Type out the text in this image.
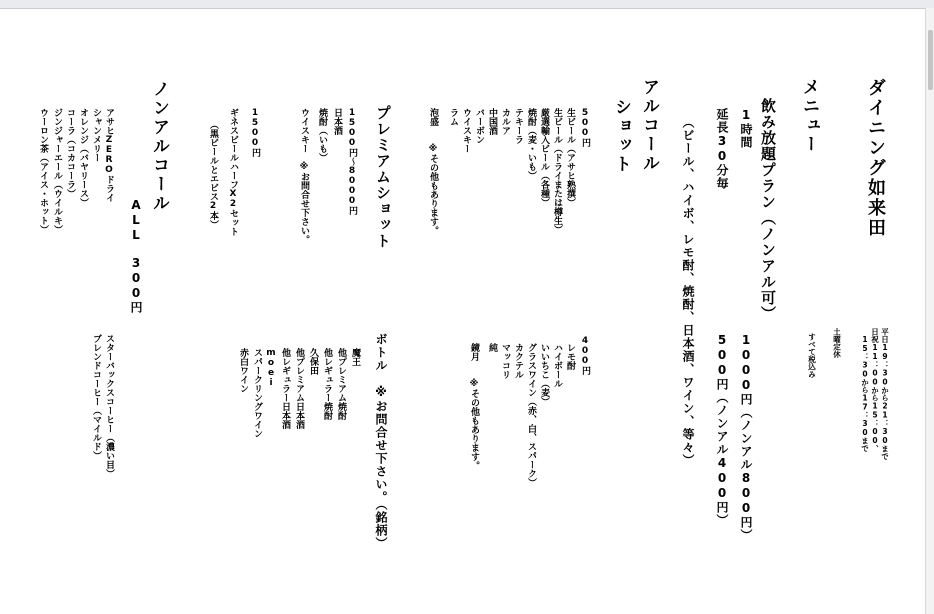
ダイニング如来田
平日19：30から21：30まで
日祝11：00から15：00、
15：30から17：30まで
土曜定休
すべて税込み
メニュー
飲み放題プラン（ノンアル可）
1時間
1000円（ノンアル800円）
延長30分毎
500円（ノンアル400円）
（ビール、ハイボ、レモ酎、焼酎、日本酒、ワイン、等々）
アルコール
ショット
500円
生ビール（アサヒ熟撰）
生ビール（ドライまたは樽生）
厳選輸入ビール（各種）
焼酎（麦・いも）
テキーラ
カルア
中国酒
バーボン
ウイスキー
ラム
泡盛　　※その他もあります。
400円
レモ酎
ハイボール
いいちこ（麦）
グラスワイン（赤、白、スパーク）
カクテル
マッコリ
純
鏡月　　※その他もあります。
プレミアムショット
1500円～8000円
日本酒
焼酎（いも）
ウイスキー　※お問合せ下さい。
ボトル　※お問合せ下さい。（銘柄）
魔王
他プレミアム焼酎
他レギュラー焼酎
久保田
他プレミアム日本酒
他レギュラー日本酒
moei
スパークリングワイン
赤白ワイン
1500円
ギネスビールハーフX2セット
（黒ビールとエビス2本）
ノンアルコール
ALL　300円
アサヒZEROドライ
シャンメリー
オレンジ（バヤリース）
コーラ（コカコーラ）
ジンジャーエール（ウイルキ）
ウーロン茶（アイス・ホット）
スターバックスコーヒー（濃い目）
ブレンドコーヒー（マイルド）
